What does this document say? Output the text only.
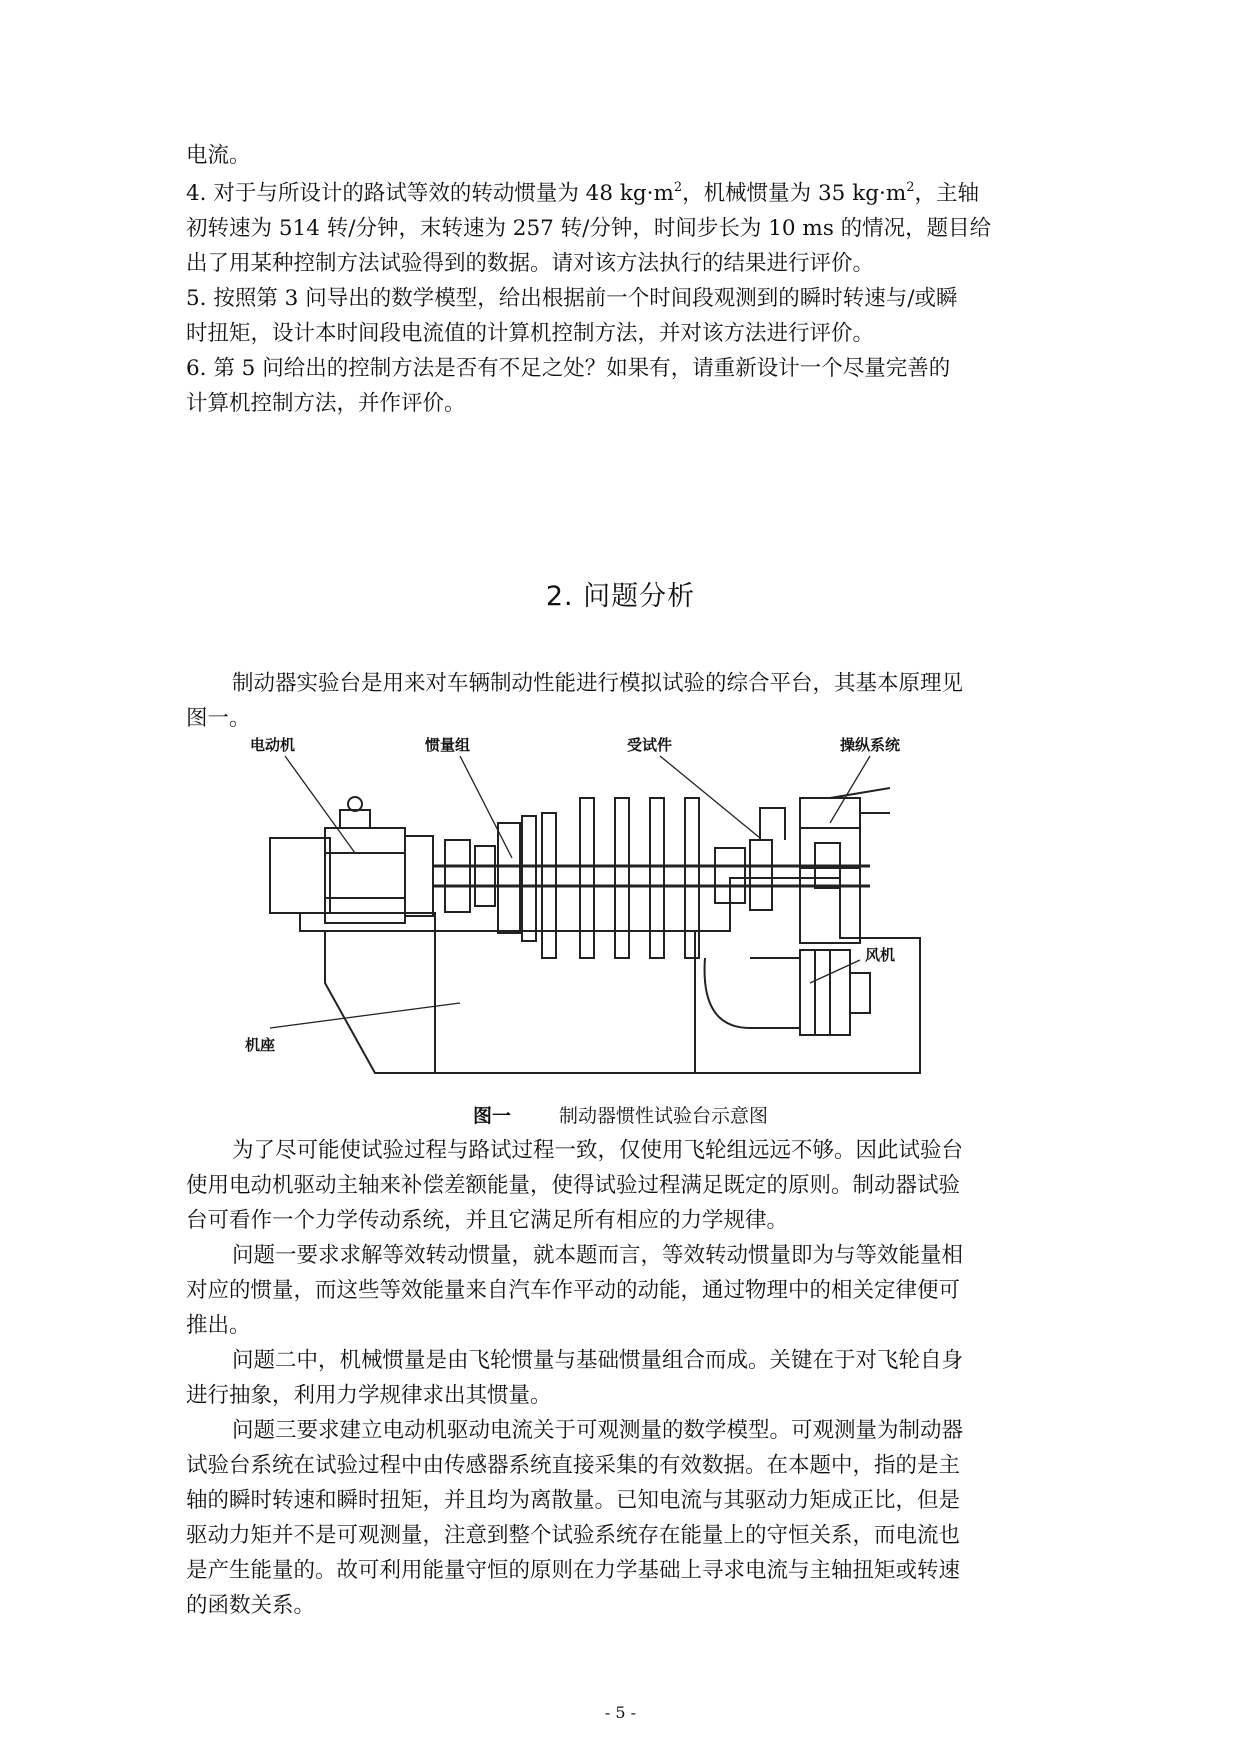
电流。
4. 对于与所设计的路试等效的转动惯量为 48 $kg\cdot m^2$，机械惯量为 35 $kg\cdot m^2$，主轴
初转速为 514 转/分钟，末转速为 257 转/分钟，时间步长为 10 ms 的情况，题目给
出了用某种控制方法试验得到的数据。请对该方法执行的结果进行评价。
5. 按照第 3 问导出的数学模型，给出根据前一个时间段观测到的瞬时转速与/或瞬
时扭矩，设计本时间段电流值的计算机控制方法，并对该方法进行评价。
6. 第 5 问给出的控制方法是否有不足之处？如果有，请重新设计一个尽量完善的
计算机控制方法，并作评价。
2. 问题分析
制动器实验台是用来对车辆制动性能进行模拟试验的综合平台，其基本原理见
图一。
电动机	惯量组	受试件	操纵系统
风机
机座
图一	制动器惯性试验台示意图
为了尽可能使试验过程与路试过程一致，仅使用飞轮组远远不够。因此试验台
使用电动机驱动主轴来补偿差额能量，使得试验过程满足既定的原则。制动器试验
台可看作一个力学传动系统，并且它满足所有相应的力学规律。
问题一要求求解等效转动惯量，就本题而言，等效转动惯量即为与等效能量相
对应的惯量，而这些等效能量来自汽车作平动的动能，通过物理中的相关定律便可
推出。
问题二中，机械惯量是由飞轮惯量与基础惯量组合而成。关键在于对飞轮自身
进行抽象，利用力学规律求出其惯量。
问题三要求建立电动机驱动电流关于可观测量的数学模型。可观测量为制动器
试验台系统在试验过程中由传感器系统直接采集的有效数据。在本题中，指的是主
轴的瞬时转速和瞬时扭矩，并且均为离散量。已知电流与其驱动力矩成正比，但是
驱动力矩并不是可观测量，注意到整个试验系统存在能量上的守恒关系，而电流也
是产生能量的。故可利用能量守恒的原则在力学基础上寻求电流与主轴扭矩或转速
的函数关系。
- 5 -
